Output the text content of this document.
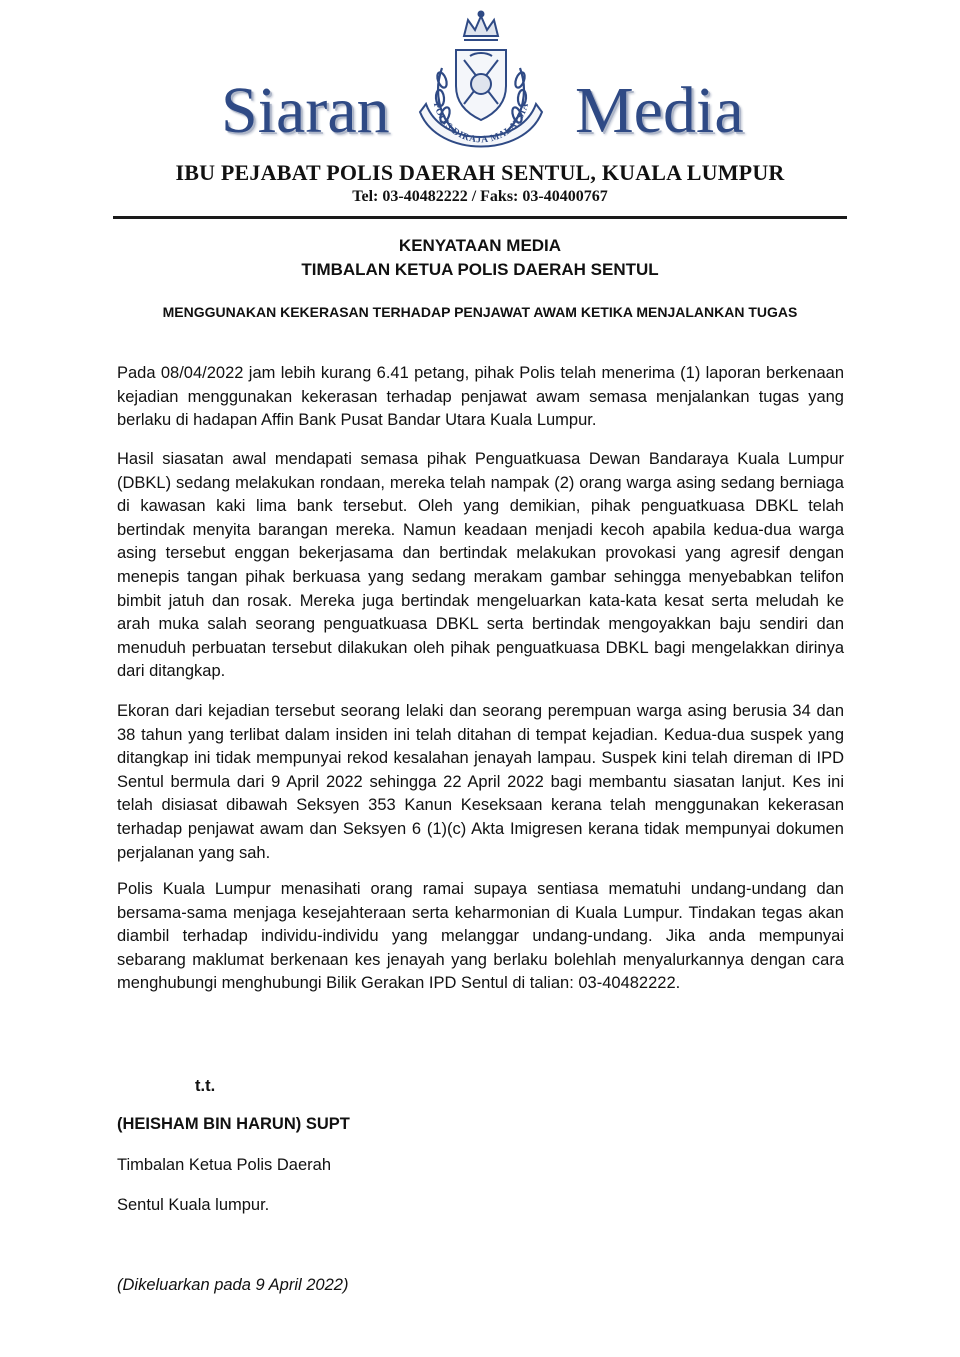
Siaran	POLIS DIRAJA MALAYSIA Media
IBU PEJABAT POLIS DAERAH SENTUL, KUALA LUMPUR
Tel: 03-40482222 / Faks: 03-40400767
KENYATAAN MEDIA
TIMBALAN KETUA POLIS DAERAH SENTUL
MENGGUNAKAN KEKERASAN TERHADAP PENJAWAT AWAM KETIKA MENJALANKAN TUGAS

Pada 08/04/2022 jam lebih kurang 6.41 petang, pihak Polis telah menerima (1) laporan berkenaan kejadian menggunakan kekerasan terhadap penjawat awam semasa menjalankan tugas yang berlaku di hadapan Affin Bank Pusat Bandar Utara Kuala Lumpur.

Hasil siasatan awal mendapati semasa pihak Penguatkuasa Dewan Bandaraya Kuala Lumpur (DBKL) sedang melakukan rondaan, mereka telah nampak (2) orang warga asing sedang berniaga di kawasan kaki lima bank tersebut. Oleh yang demikian, pihak penguatkuasa DBKL telah bertindak menyita barangan mereka. Namun keadaan menjadi kecoh apabila kedua-dua warga asing tersebut enggan bekerjasama dan bertindak melakukan provokasi yang agresif dengan menepis tangan pihak berkuasa yang sedang merakam gambar sehingga menyebabkan telifon bimbit jatuh dan rosak. Mereka juga bertindak mengeluarkan kata-kata kesat serta meludah ke arah muka salah seorang penguatkuasa DBKL serta bertindak mengoyakkan baju sendiri dan menuduh perbuatan tersebut dilakukan oleh pihak penguatkuasa DBKL bagi mengelakkan dirinya dari ditangkap.

Ekoran dari kejadian tersebut seorang lelaki dan seorang perempuan warga asing berusia 34 dan 38 tahun yang terlibat dalam insiden ini telah ditahan di tempat kejadian. Kedua-dua suspek yang ditangkap ini tidak mempunyai rekod kesalahan jenayah lampau. Suspek kini telah direman di IPD Sentul bermula dari 9 April 2022 sehingga 22 April 2022 bagi membantu siasatan lanjut. Kes ini telah disiasat dibawah Seksyen 353 Kanun Keseksaan kerana telah menggunakan kekerasan terhadap penjawat awam dan Seksyen 6 (1)(c) Akta Imigresen kerana tidak mempunyai dokumen perjalanan yang sah.

Polis Kuala Lumpur menasihati orang ramai supaya sentiasa mematuhi undang-undang dan bersama-sama menjaga kesejahteraan serta keharmonian di Kuala Lumpur. Tindakan tegas akan diambil terhadap individu-individu yang melanggar undang-undang. Jika anda mempunyai sebarang maklumat berkenaan kes jenayah yang berlaku bolehlah menyalurkannya dengan cara menghubungi menghubungi Bilik Gerakan IPD Sentul di talian: 03-40482222.

t.t.
(HEISHAM BIN HARUN) SUPT
Timbalan Ketua Polis Daerah
Sentul Kuala lumpur.
(Dikeluarkan pada 9 April 2022)
